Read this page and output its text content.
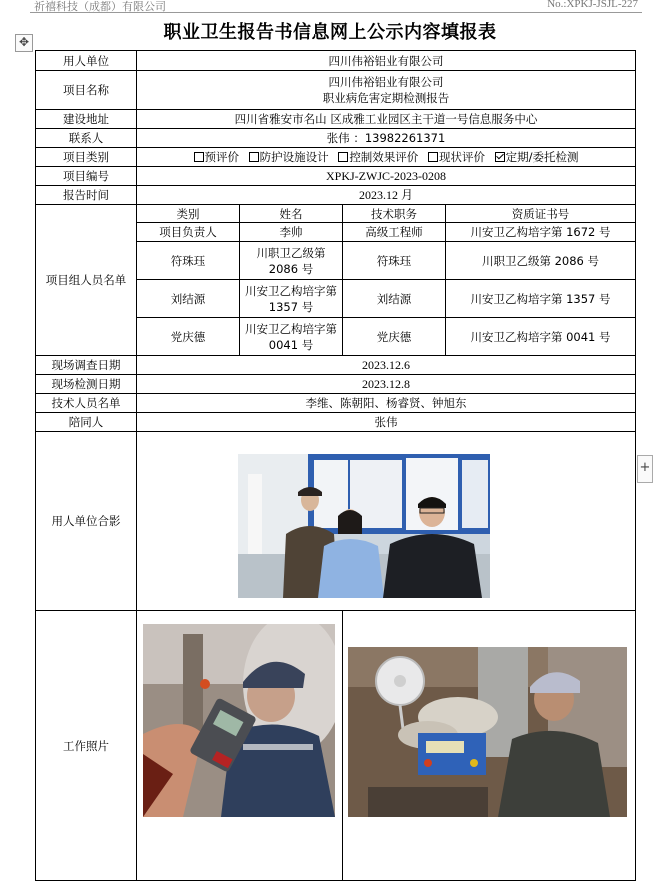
祈禧科技（成都）有限公司	No.:XPKJ-JSJL-227
✥
+
职业卫生报告书信息网上公示内容填报表
用人单位	四川伟裕铝业有限公司			
项目名称	四川伟裕铝业有限公司
职业病危害定期检测报告			

建设地址	四川省雅安市名山 区成雅工业园区主干道一号信息服务中心			
联系人	张伟 ：13982261371			
项目类别	预评价 防护设施设计 控制效果评价 现状评价 定期/委托检测			
项目编号	XPKJ-ZWJC-2023-0208			
报告时间	2023.12 月			
项目组人员名单	类别	姓名	技术职务	资质证书号
	项目负责人	李帅	高级工程师	川安卫乙构培字第 1672 号
	符珠珏	川职卫乙级第 2086 号	符珠珏	川职卫乙级第 2086 号
	刘结源	川安卫乙构培字第 1357 号	刘结源	川安卫乙构培字第 1357 号
	党庆德	川安卫乙构培字第 0041 号	党庆德	川安卫乙构培字第 0041 号
现场调查日期	2023.12.6			
现场检测日期	2023.12.8			
技术人员名单	李维、陈朝阳、杨睿贤、钟旭东			
陪同人	张伟			
用人单位合影				
工作照片				
